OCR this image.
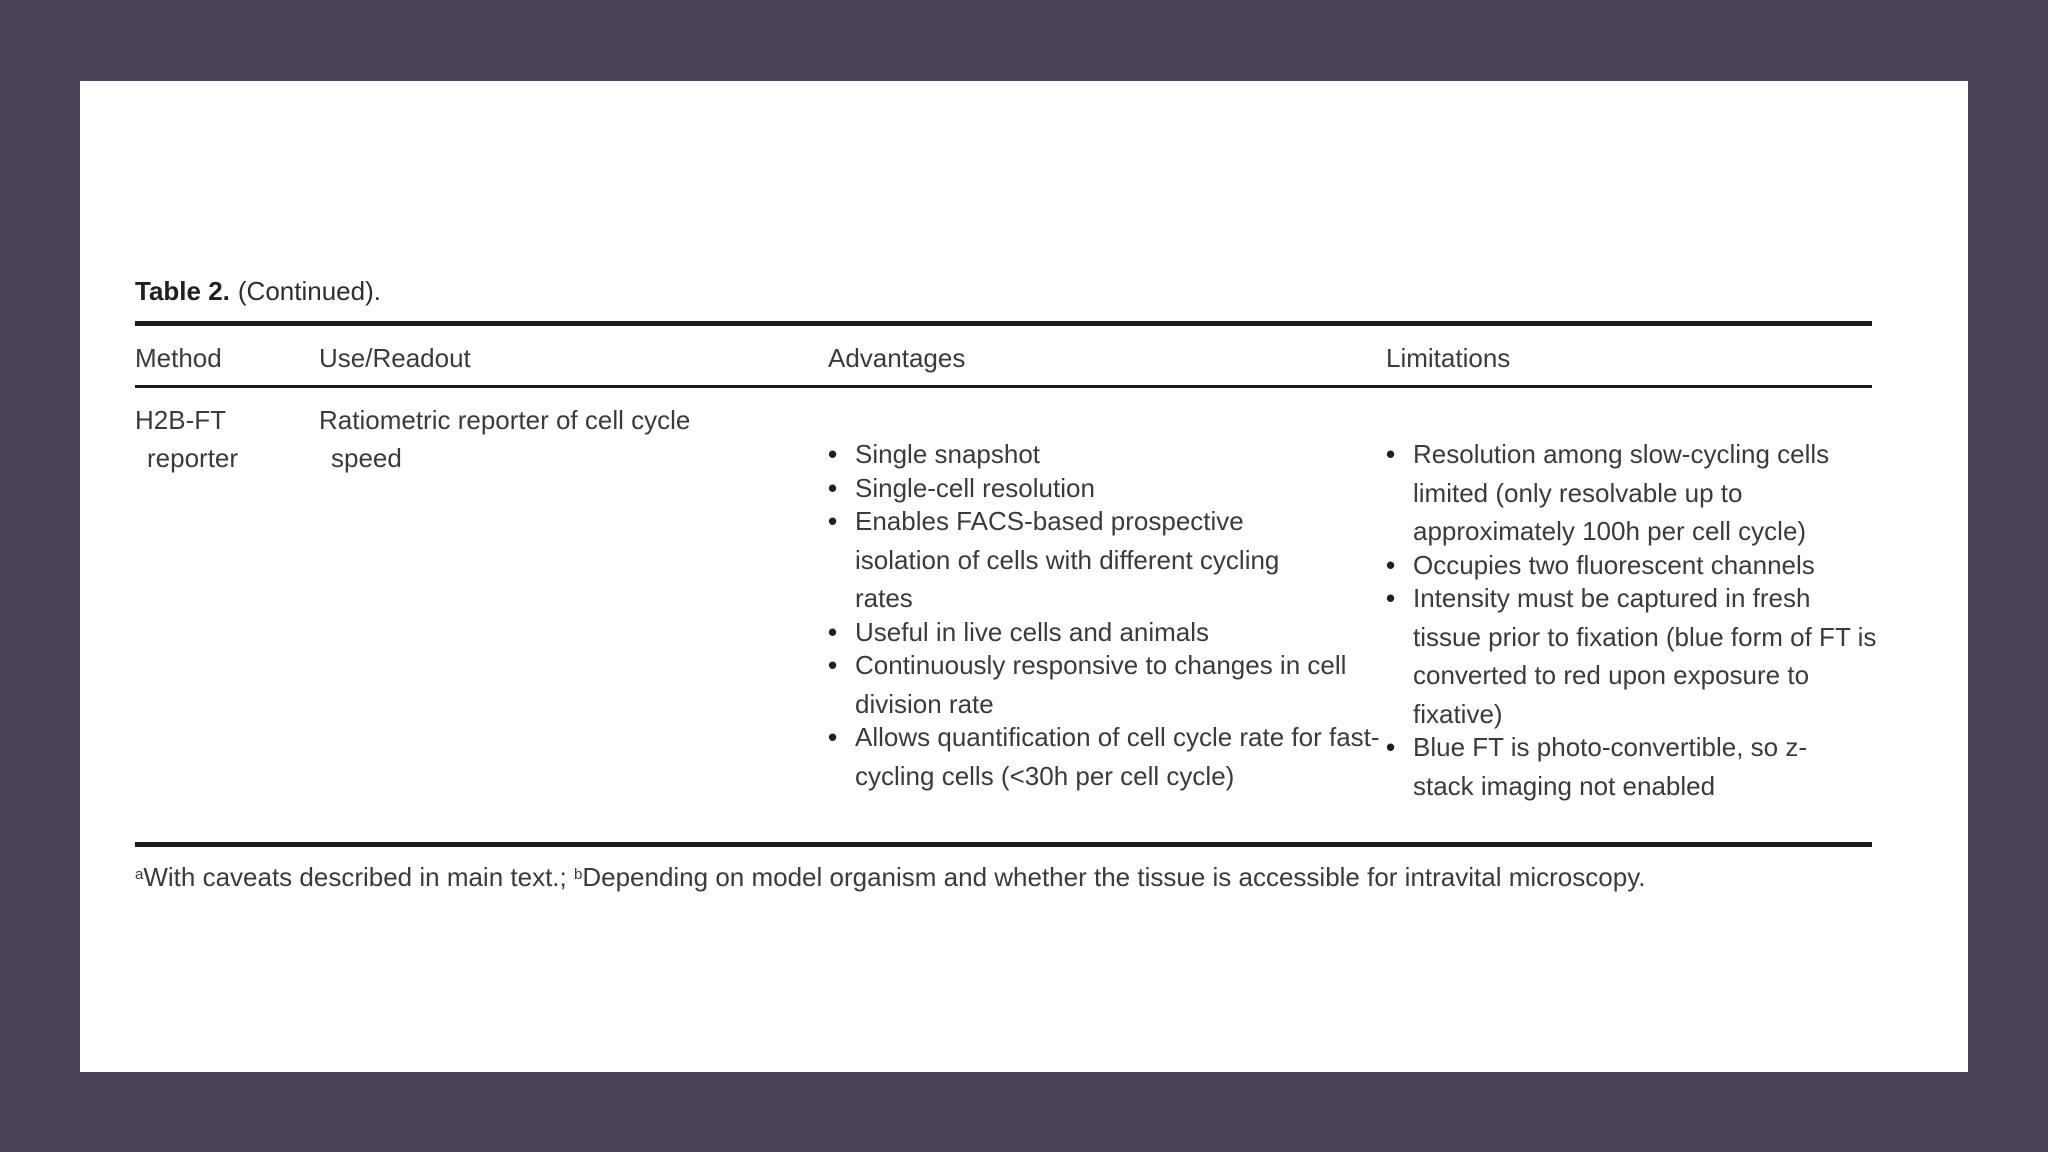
Table 2. (Continued).
Method	Use/Readout	Advantages	Limitations
H2B-FT
reporter
Ratiometric reporter of cell cycle
speed
•	Single snapshot
• Single-cell resolution
• Enables FACS-based prospective isolation of cells with different cycling rates
• Useful in live cells and animals
• Continuously responsive to changes in cell division rate
• Allows quantification of cell cycle rate for fast-cycling cells (<30h per cell cycle)
• Resolution among slow-cycling cells limited (only resolvable up to approximately 100h per cell cycle)
• Occupies two fluorescent channels
• Intensity must be captured in fresh tissue prior to fixation (blue form of FT is converted to red upon exposure to fixative)
• Blue FT is photo-convertible, so z-stack imaging not enabled
$^a$With caveats described in main text.; $^b$Depending on model organism and whether the tissue is accessible for intravital microscopy.
